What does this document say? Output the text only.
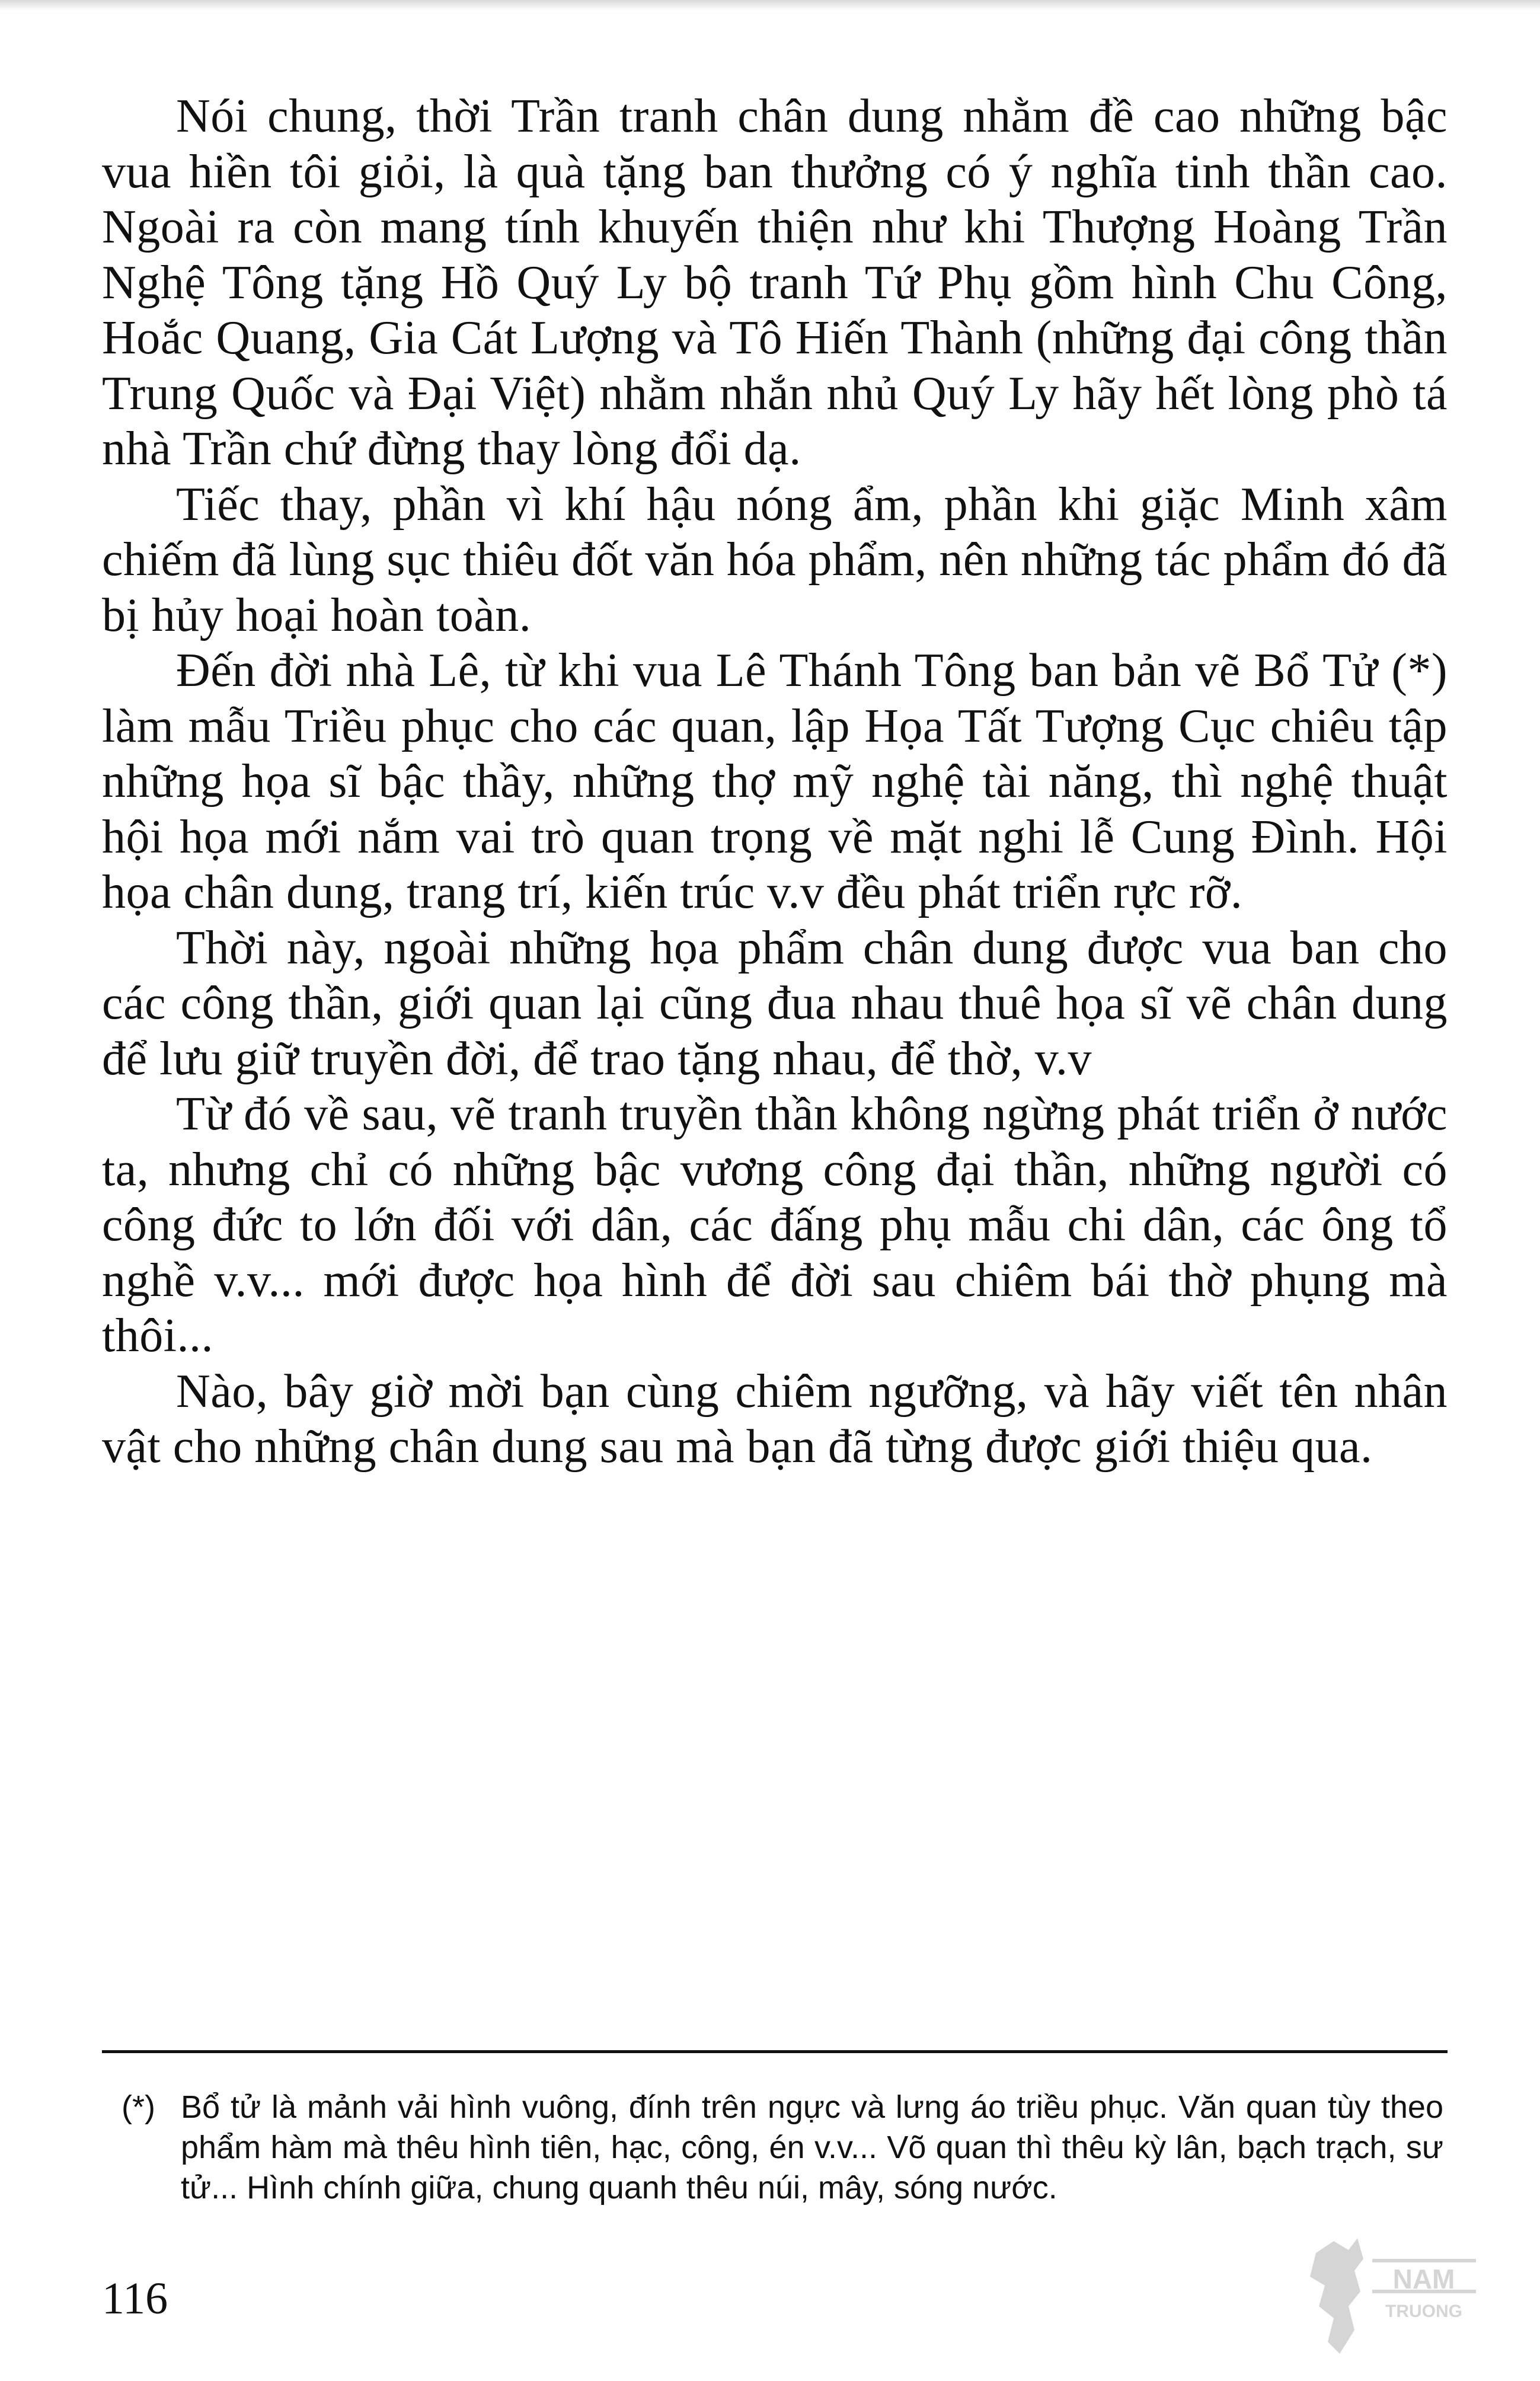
Nói chung, thời Trần tranh chân dung nhằm đề cao những bậc vua hiền tôi giỏi, là quà tặng ban thưởng có ý nghĩa tinh thần cao. Ngoài ra còn mang tính khuyến thiện như khi Thượng Hoàng Trần Nghệ Tông tặng Hồ Quý Ly bộ tranh Tứ Phụ gồm hình Chu Công, Hoắc Quang, Gia Cát Lượng và Tô Hiến Thành (những đại công thần Trung Quốc và Đại Việt) nhằm nhắn nhủ Quý Ly hãy hết lòng phò tá nhà Trần chứ đừng thay lòng đổi dạ.

Tiếc thay, phần vì khí hậu nóng ẩm, phần khi giặc Minh xâm chiếm đã lùng sục thiêu đốt văn hóa phẩm, nên những tác phẩm đó đã bị hủy hoại hoàn toàn.

Đến đời nhà Lê, từ khi vua Lê Thánh Tông ban bản vẽ Bổ Tử (*) làm mẫu Triều phục cho các quan, lập Họa Tất Tượng Cục chiêu tập những họa sĩ bậc thầy, những thợ mỹ nghệ tài năng, thì nghệ thuật hội họa mới nắm vai trò quan trọng về mặt nghi lễ Cung Đình. Hội họa chân dung, trang trí, kiến trúc v.v đều phát triển rực rỡ.

Thời này, ngoài những họa phẩm chân dung được vua ban cho các công thần, giới quan lại cũng đua nhau thuê họa sĩ vẽ chân dung để lưu giữ truyền đời, để trao tặng nhau, để thờ, v.v

Từ đó về sau, vẽ tranh truyền thần không ngừng phát triển ở nước ta, nhưng chỉ có những bậc vương công đại thần, những người có công đức to lớn đối với dân, các đấng phụ mẫu chi dân, các ông tổ nghề v.v... mới được họa hình để đời sau chiêm bái thờ phụng mà thôi...

Nào, bây giờ mời bạn cùng chiêm ngưỡng, và hãy viết tên nhân vật cho những chân dung sau mà bạn đã từng được giới thiệu qua.

(*) Bổ tử là mảnh vải hình vuông, đính trên ngực và lưng áo triều phục. Văn quan tùy theo phẩm hàm mà thêu hình tiên, hạc, công, én v.v... Võ quan thì thêu kỳ lân, bạch trạch, sư tử... Hình chính giữa, chung quanh thêu núi, mây, sóng nước.
116	NAM
TRUONG
